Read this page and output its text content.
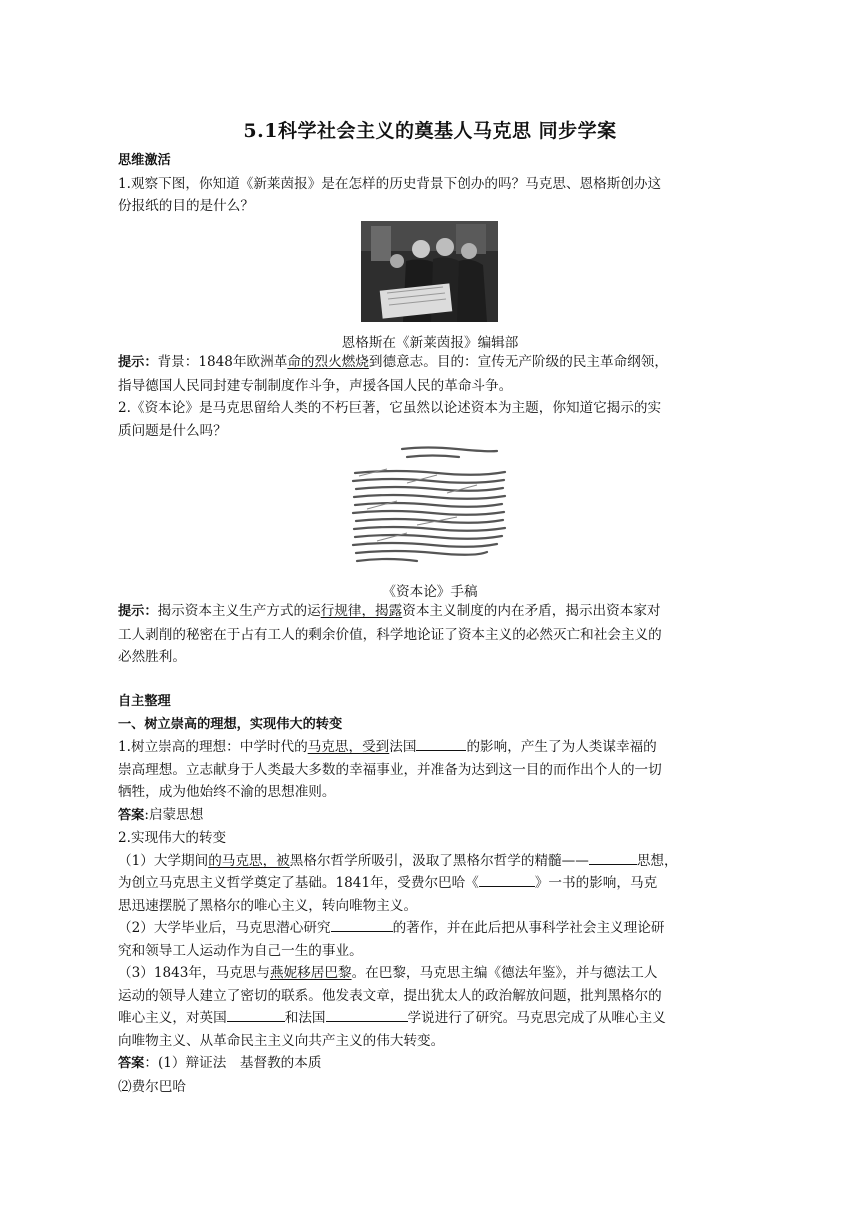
5.1科学社会主义的奠基人马克思 同步学案
思维激活
1.观察下图，你知道《新莱茵报》是在怎样的历史背景下创办的吗？马克思、恩格斯创办这
份报纸的目的是什么？
恩格斯在《新莱茵报》编辑部
提示：背景：1848年欧洲革命的烈火燃烧到德意志。目的：宣传无产阶级的民主革命纲领，
指导德国人民同封建专制制度作斗争，声援各国人民的革命斗争。
2.《资本论》是马克思留给人类的不朽巨著，它虽然以论述资本为主题，你知道它揭示的实
质问题是什么吗？
《资本论》手稿
提示：揭示资本主义生产方式的运行规律，揭露资本主义制度的内在矛盾，揭示出资本家对
工人剥削的秘密在于占有工人的剩余价值，科学地论证了资本主义的必然灭亡和社会主义的
必然胜利。
自主整理
一、树立崇高的理想，实现伟大的转变
1.树立崇高的理想：中学时代的马克思，受到法国	的影响，产生了为人类谋幸福的
崇高理想。立志献身于人类最大多数的幸福事业，并准备为达到这一目的而作出个人的一切
牺牲，成为他始终不渝的思想准则。
答案:启蒙思想
2.实现伟大的转变
（1）大学期间的马克思，被黑格尔哲学所吸引，汲取了黑格尔哲学的精髓——	思想，
为创立马克思主义哲学奠定了基础。1841年，受费尔巴哈《	》一书的影响，马克
思迅速摆脱了黑格尔的唯心主义，转向唯物主义。
（2）大学毕业后，马克思潜心研究	的著作，并在此后把从事科学社会主义理论研
究和领导工人运动作为自己一生的事业。
（3）1843年，马克思与燕妮移居巴黎。在巴黎，马克思主编《德法年鉴》，并与德法工人
运动的领导人建立了密切的联系。他发表文章，提出犹太人的政治解放问题，批判黑格尔的
唯心主义，对英国	和法国	学说进行了研究。马克思完成了从唯心主义
向唯物主义、从革命民主主义向共产主义的伟大转变。
答案：(1）辩证法　基督教的本质
⑵费尔巴哈
